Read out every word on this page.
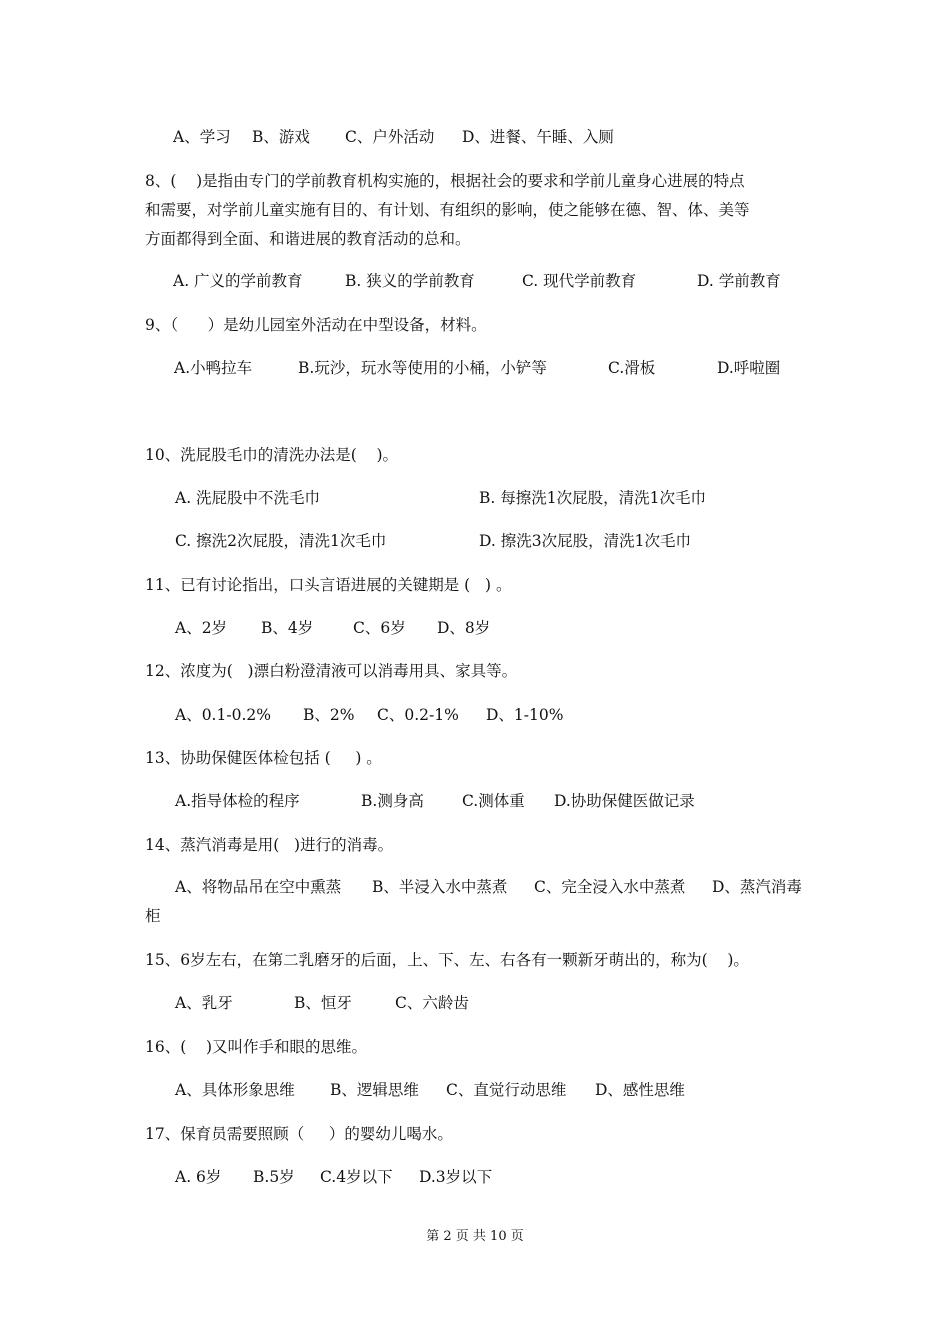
A、学习 B、游戏 C、户外活动 D、进餐、午睡、入厕
8、(    )是指由专门的学前教育机构实施的，根据社会的要求和学前儿童身心进展的特点
和需要，对学前儿童实施有目的、有计划、有组织的影响，使之能够在德、智、体、美等
方面都得到全面、和谐进展的教育活动的总和。
A. 广义的学前教育	B. 狭义的学前教育	C. 现代学前教育	D. 学前教育
9、（      ）是幼儿园室外活动在中型设备，材料。
A.小鸭拉车	B.玩沙，玩水等使用的小桶，小铲等	C.滑板	D.呼啦圈
10、洗屁股毛巾的清洗办法是(    )。
A. 洗屁股中不洗毛巾	B. 每擦洗1次屁股，清洗1次毛巾
C. 擦洗2次屁股，清洗1次毛巾	D. 擦洗3次屁股，清洗1次毛巾
11、已有讨论指出，口头言语进展的关键期是 (   ) 。
A、2岁 B、4岁	C、6岁 D、8岁
12、浓度为(   )漂白粉澄清液可以消毒用具、家具等。
A、0.1-0.2% B、2% C、0.2-1% D、1-10%
13、协助保健医体检包括 (     ) 。
A.指导体检的程序	B.测身高 C.测体重 D.协助保健医做记录
14、蒸汽消毒是用(   )进行的消毒。
A、将物品吊在空中熏蒸 B、半浸入水中蒸煮 C、完全浸入水中蒸煮 D、蒸汽消毒
柜
15、6岁左右，在第二乳磨牙的后面，上、下、左、右各有一颗新牙萌出的，称为(    )。
A、乳牙	B、恒牙	C、六龄齿
16、(    )又叫作手和眼的思维。
A、具体形象思维 B、逻辑思维 C、直觉行动思维 D、感性思维
17、保育员需要照顾（     ）的婴幼儿喝水。
A. 6岁 B.5岁 C.4岁以下 D.3岁以下
第 2 页 共 10 页
